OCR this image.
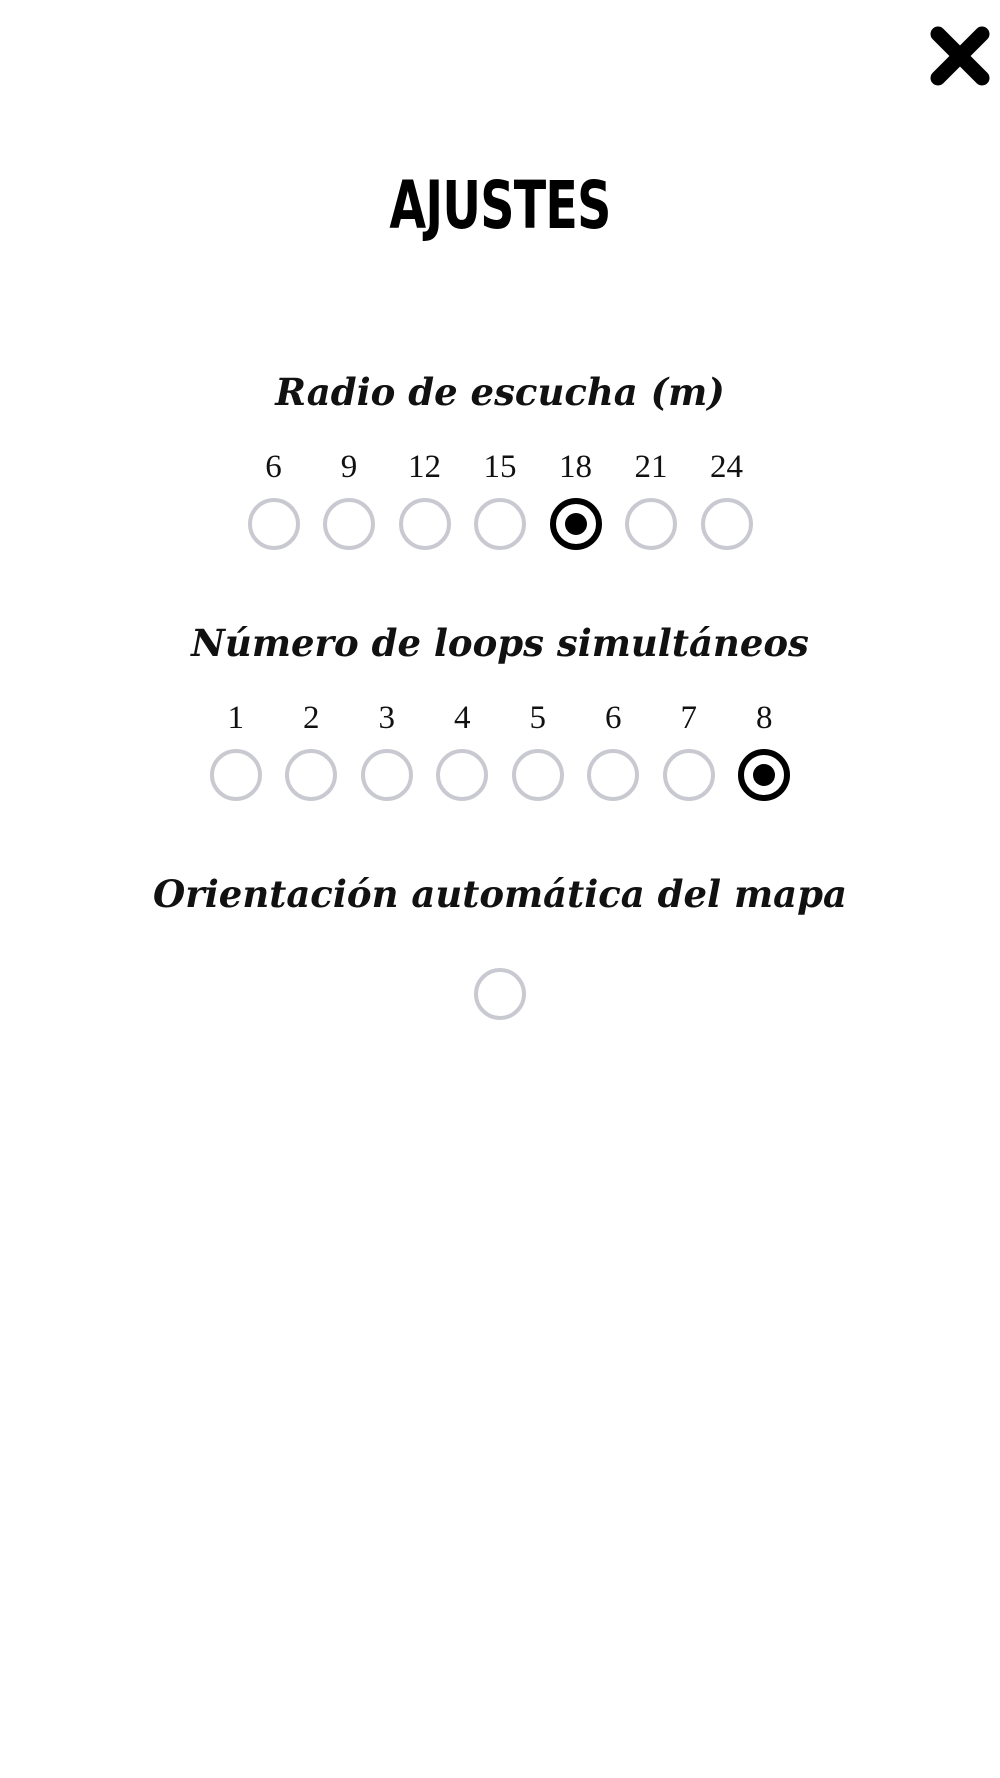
AJUSTES
Radio de escucha (m)
6 9 12 15 18 21 24
Número de loops simultáneos
1 2 3 4 5 6 7 8
Orientación automática del mapa
